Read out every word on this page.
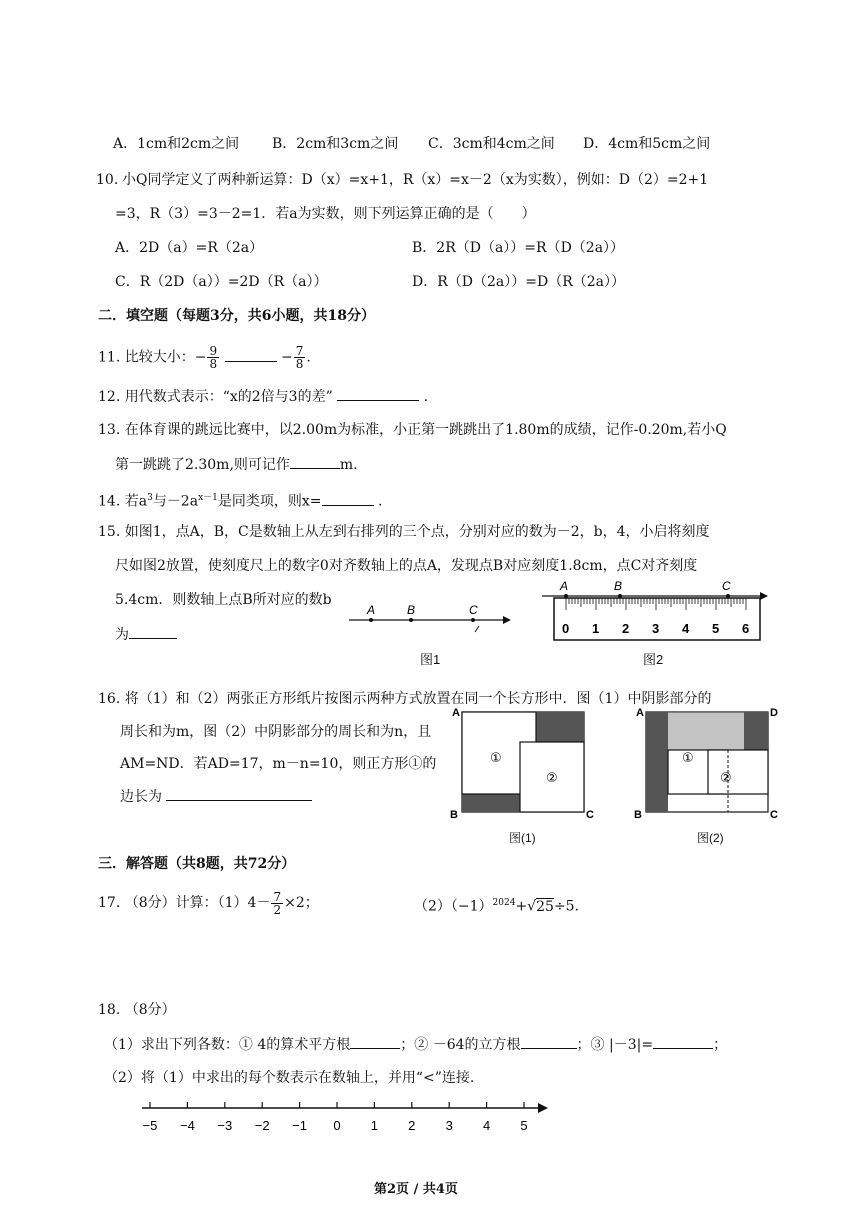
A．1cm和2cm之间 B．2cm和3cm之间 C．3cm和4cm之间 D．4cm和5cm之间
10. 小Q同学定义了两种新运算：D（x）=x+1，R（x）=x－2（x为实数），例如：D（2）=2+1
=3，R（3）=3－2=1．若a为实数，则下列运算正确的是（　　）
A．2D（a）=R（2a）	B．2R（D（a））=R（D（2a））
C．R（2D（a））=2D（R（a））	D．R（D（2a））=D（R（2a））
二．填空题（每题3分，共6小题，共18分）
11. 比较大小：− $\frac{9}{8}$	− $\frac{7}{8}$ .
12. 用代数式表示：“x的2倍与3的差”	.
13. 在体育课的跳远比赛中，以2.00m为标准，小正第一跳跳出了1.80m的成绩，记作-0.20m,若小Q
第一跳跳了2.30m,则可记作	m.
14. 若$a^3$与$-2a^{x-1}$是同类项，则x=	.
15. 如图1，点A，B，C是数轴上从左到右排列的三个点，分别对应的数为－2，b，4，小启将刻度
尺如图2放置，使刻度尺上的数字0对齐数轴上的点A，发现点B对应刻度1.8cm，点C对齐刻度
5.4cm．则数轴上点B所对应的数b
为
A	B	C
图1
A	B	C
0 1 2 3 4 5 6
图2
16. 将（1）和（2）两张正方形纸片按图示两种方式放置在同一个长方形中．图（1）中阴影部分的
周长和为m，图（2）中阴影部分的周长和为n，且
AM=ND．若AD=17，m－n=10，则正方形①的
边长为
A
B	C
①
②
图(1)
A	D
B	C
①
②
图(2)
三．解答题（共8题，共72分）
17. （8分）计算：$(1)4- \frac{7}{2} \times 2$；	$(2)(-1)^{2024}+√25\div 5$.
18. （8分）
（1）求出下列各数：① 4的算术平方根	；② －64的立方根	；③ |－3|=	；
（2）将（1）中求出的每个数表示在数轴上，并用“<”连接.
−5 −4 −3 −2 −1 0 1 2 3 4 5
第2页 / 共4页
